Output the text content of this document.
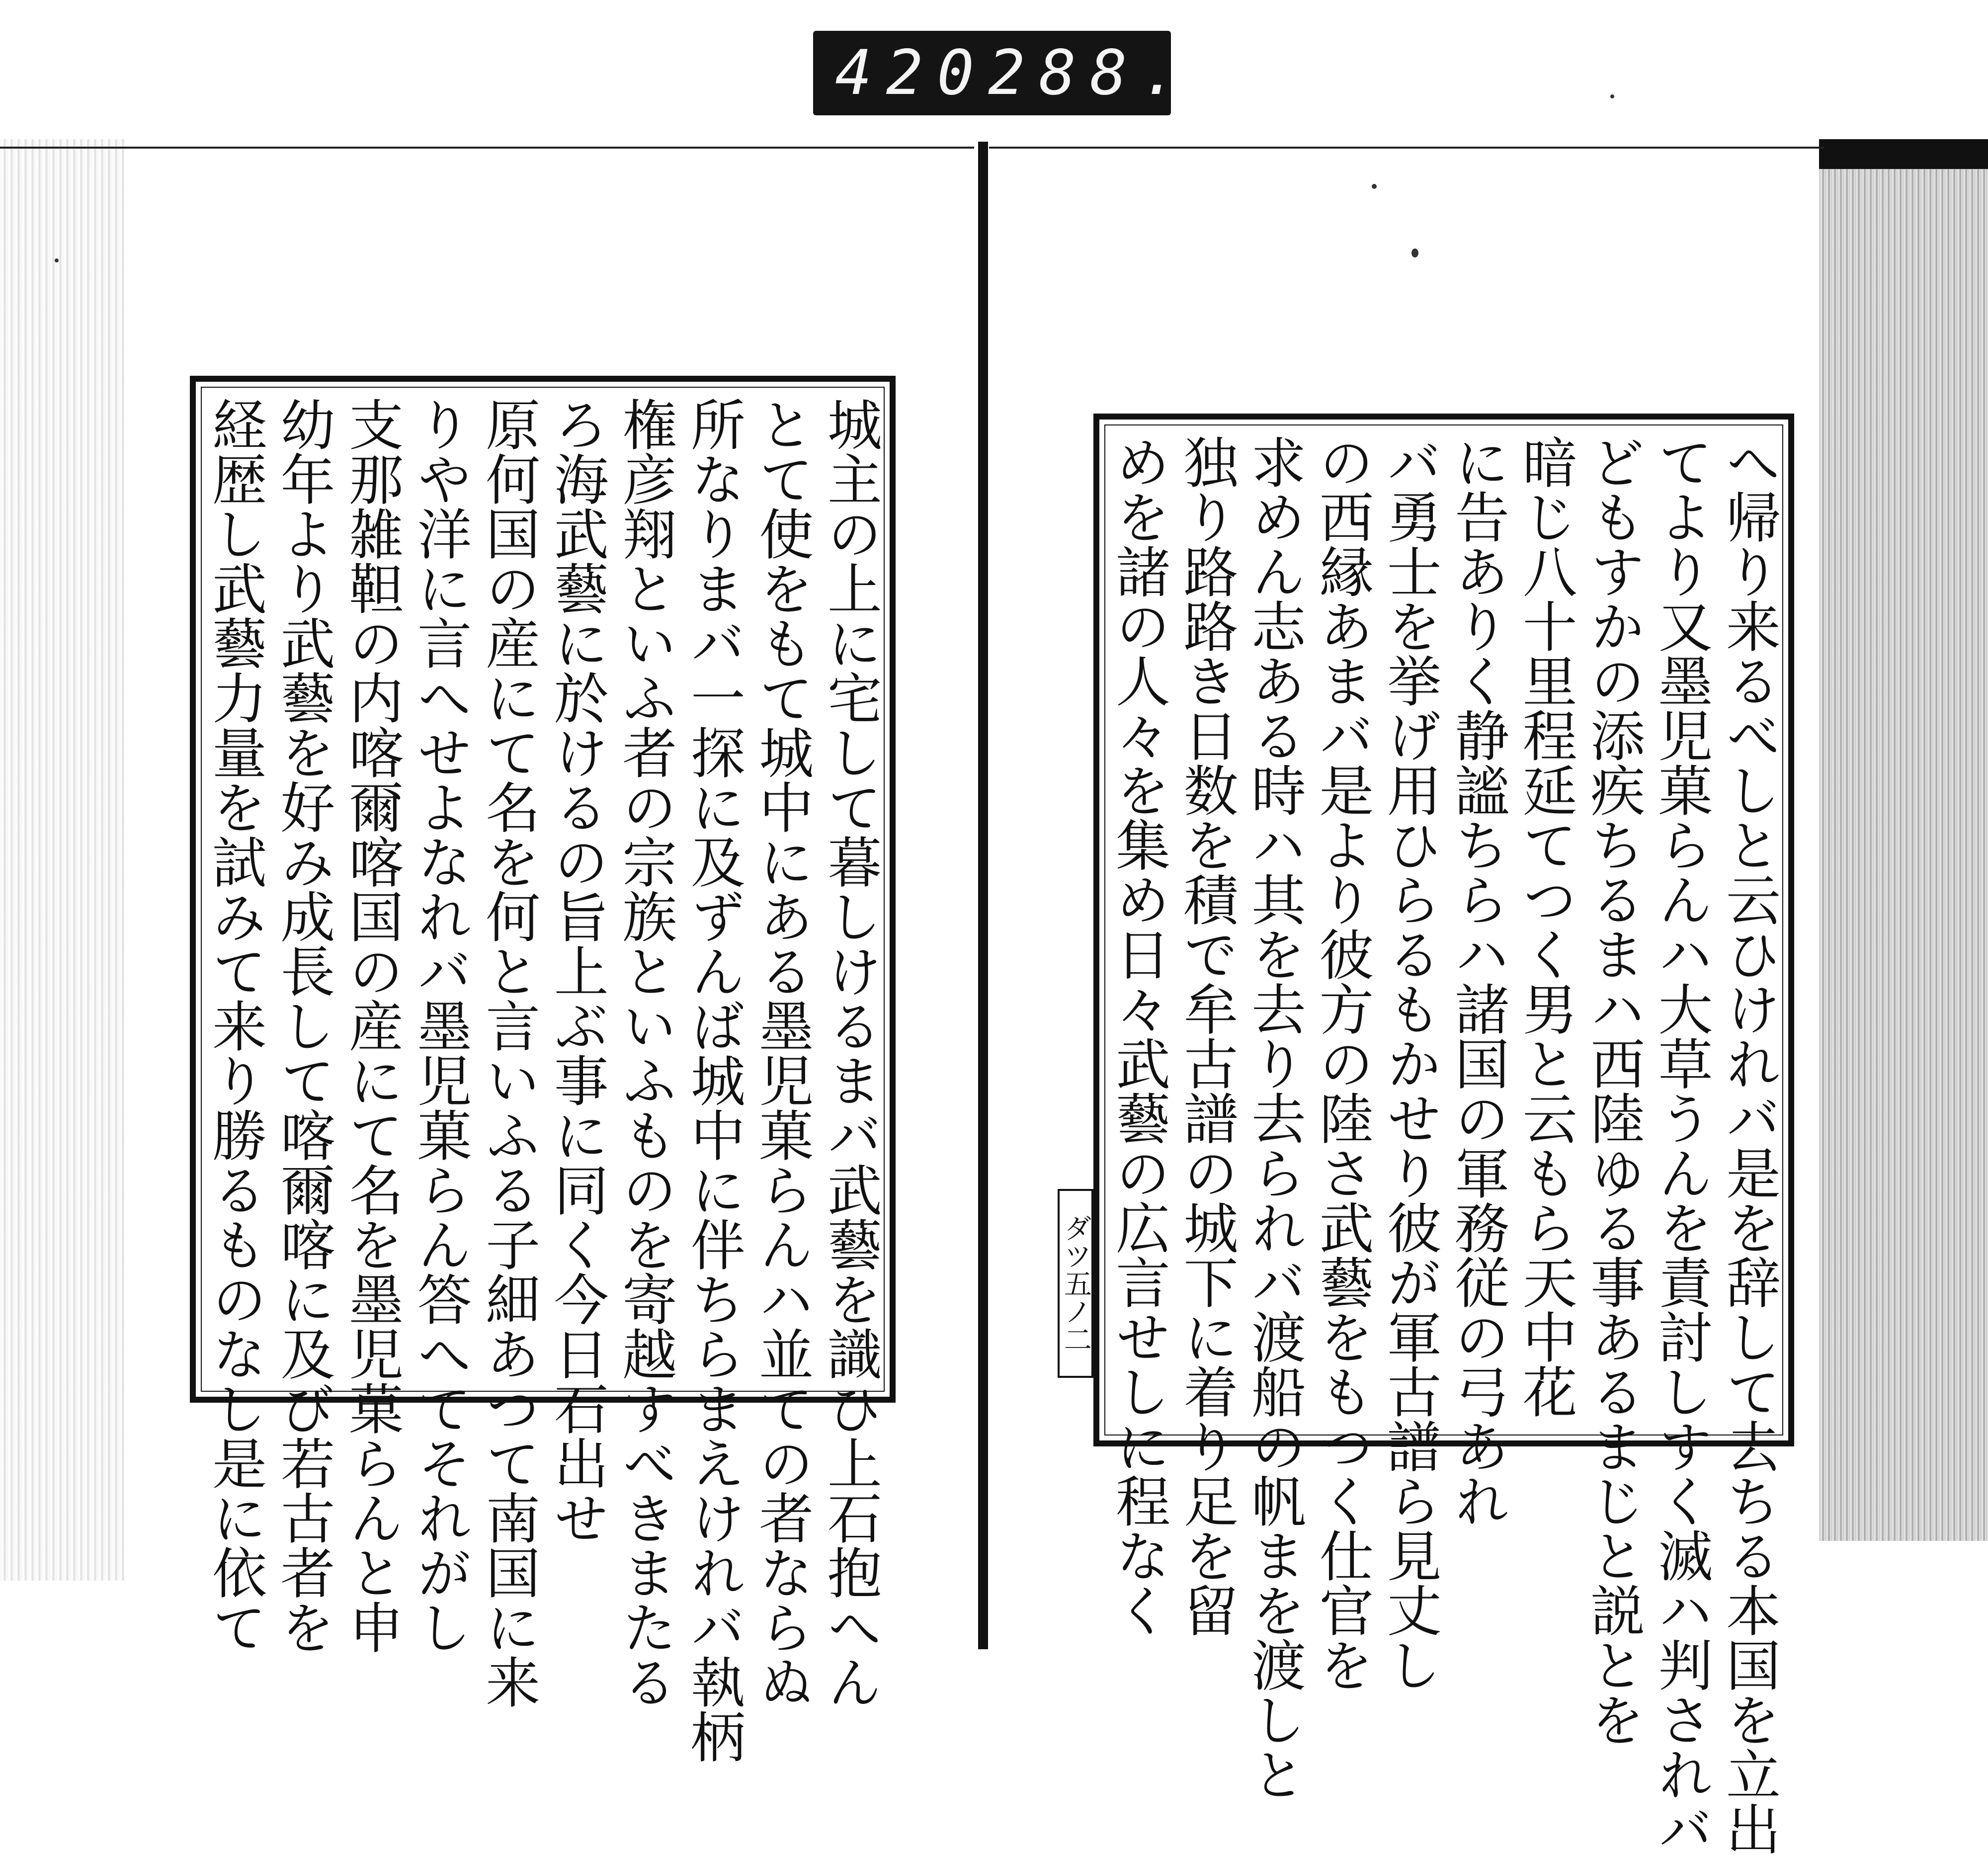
420 288.
城主の上に宅して暮しけるまバ武藝を識ひ上石抱へん
とて使をもて城中にある墨児菓らんハ並ての者ならぬ
所なりまバ一探に及ずんば城中に伴ちらまえけれバ執柄
権彦翔といふ者の宗族といふものを寄越すべきまたる
ろ海武藝に於けるの旨上ぶ事に同く今日石出せ
原何国の産にて名を何と言いふる子細あつて南国に来
りや洋に言へせよなれバ墨児菓らん答へてそれがし
支那雑靼の内喀爾喀国の産にて名を墨児菓らんと申
幼年より武藝を好み成長して喀爾喀に及び若古者を
経歴し武藝力量を試みて来り勝るものなし是に依て	へ帰り来るべしと云ひけれバ是を辞して去ちる本国を立出
てより又墨児菓らんハ大草うんを責討しすく滅ハ判されバ
どもすかの添疾ちるまハ西陸ゆる事あるまじと説とを
暗じ八十里程延てつく男と云もら天中花
に告ありく静謐ちらハ諸国の軍務従の弓あれ
バ勇士を挙げ用ひらるもかせり彼が軍古譜ら見丈し
の西縁あまバ是より彼方の陸さ武藝をもつく仕官を
求めん志ある時ハ其を去り去られバ渡船の帆まを渡しと
独り路路き日数を積で牟古譜の城下に着り足を留
めを諸の人々を集め日々武藝の広言せしに程なく
ダツ五ノ二
